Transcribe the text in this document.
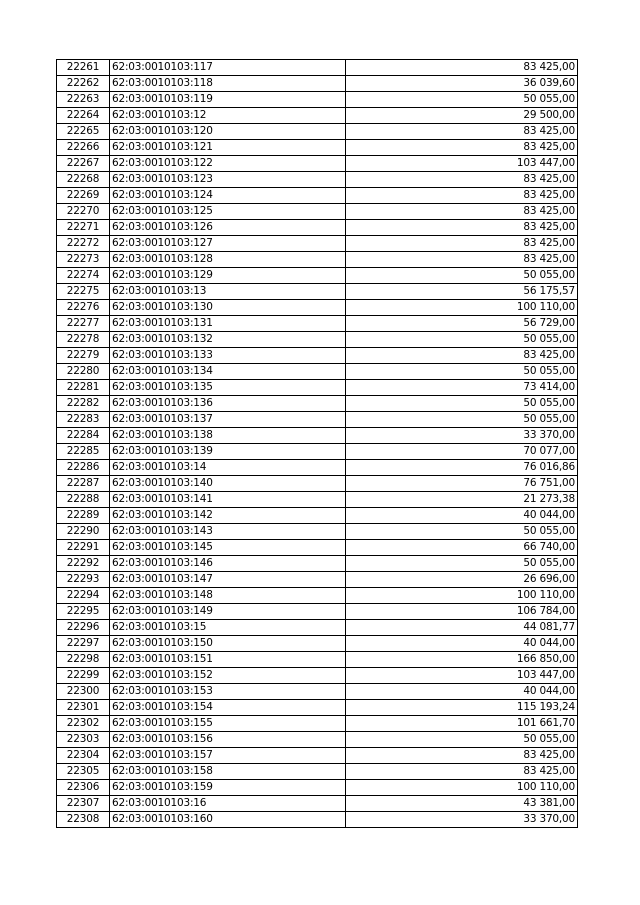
22261	62:03:0010103:117	83 425,00
22262	62:03:0010103:118	36 039,60
22263	62:03:0010103:119	50 055,00
22264	62:03:0010103:12	29 500,00
22265	62:03:0010103:120	83 425,00
22266	62:03:0010103:121	83 425,00
22267	62:03:0010103:122	103 447,00
22268	62:03:0010103:123	83 425,00
22269	62:03:0010103:124	83 425,00
22270	62:03:0010103:125	83 425,00
22271	62:03:0010103:126	83 425,00
22272	62:03:0010103:127	83 425,00
22273	62:03:0010103:128	83 425,00
22274	62:03:0010103:129	50 055,00
22275	62:03:0010103:13	56 175,57
22276	62:03:0010103:130	100 110,00
22277	62:03:0010103:131	56 729,00
22278	62:03:0010103:132	50 055,00
22279	62:03:0010103:133	83 425,00
22280	62:03:0010103:134	50 055,00
22281	62:03:0010103:135	73 414,00
22282	62:03:0010103:136	50 055,00
22283	62:03:0010103:137	50 055,00
22284	62:03:0010103:138	33 370,00
22285	62:03:0010103:139	70 077,00
22286	62:03:0010103:14	76 016,86
22287	62:03:0010103:140	76 751,00
22288	62:03:0010103:141	21 273,38
22289	62:03:0010103:142	40 044,00
22290	62:03:0010103:143	50 055,00
22291	62:03:0010103:145	66 740,00
22292	62:03:0010103:146	50 055,00
22293	62:03:0010103:147	26 696,00
22294	62:03:0010103:148	100 110,00
22295	62:03:0010103:149	106 784,00
22296	62:03:0010103:15	44 081,77
22297	62:03:0010103:150	40 044,00
22298	62:03:0010103:151	166 850,00
22299	62:03:0010103:152	103 447,00
22300	62:03:0010103:153	40 044,00
22301	62:03:0010103:154	115 193,24
22302	62:03:0010103:155	101 661,70
22303	62:03:0010103:156	50 055,00
22304	62:03:0010103:157	83 425,00
22305	62:03:0010103:158	83 425,00
22306	62:03:0010103:159	100 110,00
22307	62:03:0010103:16	43 381,00
22308	62:03:0010103:160	33 370,00
